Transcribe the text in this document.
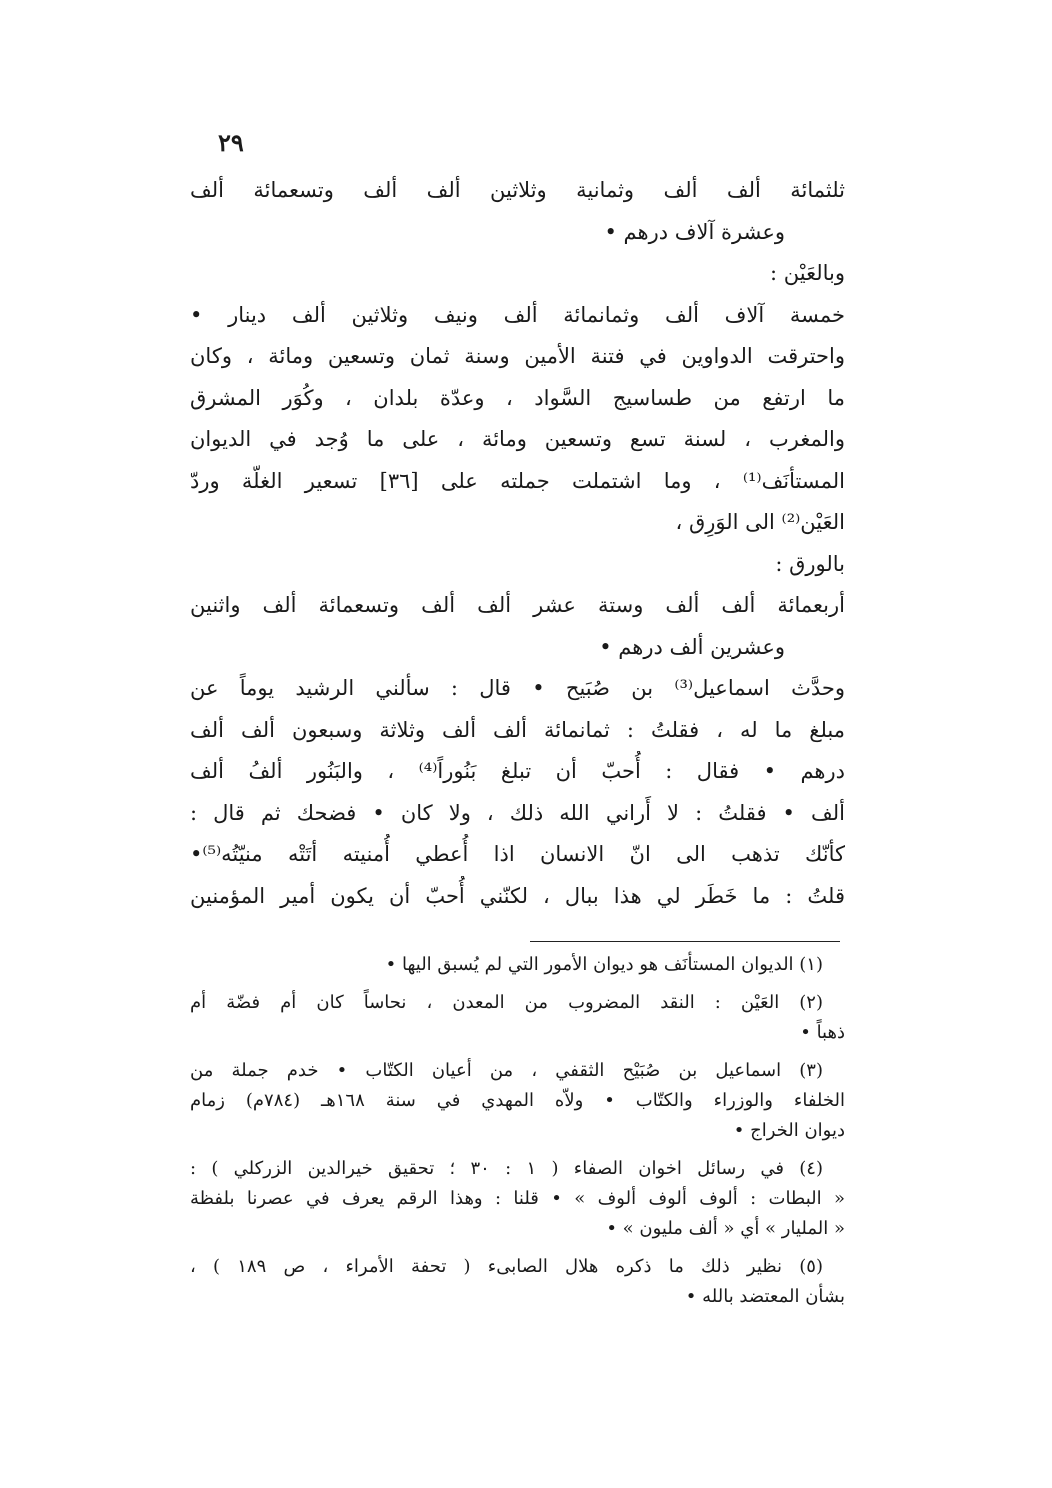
٢٩
ثلثمائة ألف ألف وثمانية وثلاثين ألف ألف وتسعمائة ألف
وعشرة آلاف درهم •
وبالعَيْن :
خمسة آلاف ألف وثمانمائة ألف ونيف وثلاثين ألف دينار •
واحترقت الدواوين في فتنة الأمين وسنة ثمان وتسعين ومائة ، وكان
ما ارتفع من طساسيج السَّواد ، وعدّة بلدان ، وكُوَر المشرق
والمغرب ، لسنة تسع وتسعين ومائة ، على ما وُجد في الديوان
المستأنَف⁽¹⁾ ، وما اشتملت جملته على [٣٦] تسعير الغلّة وردّ
العَيْن⁽²⁾ الى الوَرِق ،
بالورق :
أربعمائة ألف ألف وستة عشر ألف ألف وتسعمائة ألف واثنين
وعشرين ألف درهم •
وحدَّث اسماعيل⁽³⁾ بن صُبَيح • قال : سألني الرشيد يوماً عن
مبلغ ما له ، فقلتُ : ثمانمائة ألف ألف وثلاثة وسبعون ألف ألف
درهم • فقال : أُحبّ أن تبلغ بَنُوراً⁽⁴⁾ ، والبَنُور ألفُ ألف
ألف • فقلتُ : لا أَراني الله ذلك ، ولا كان • فضحك ثم قال :
كأنّك تذهب الى انّ الانسان اذا أُعطي أُمنيته أتَتْه منيّتُه⁽⁵⁾•
قلتُ : ما خَطَر لي هذا ببال ، لكنّني أُحبّ أن يكون أمير المؤمنين
(١) الديوان المستأنَف هو ديوان الأمور التي لم يُسبق اليها •
(٢) العَيْن : النقد المضروب من المعدن ، نحاساً كان أم فضّة أم
ذهباً •
(٣) اسماعيل بن صُبَيْح الثقفي ، من أعيان الكتّاب • خدم جملة من
الخلفاء والوزراء والكتّاب • ولاّه المهدي في سنة ١٦٨هـ (٧٨٤م) زمام
ديوان الخراج •
(٤) في رسائل اخوان الصفاء ( ١ : ٣٠ ؛ تحقيق خيرالدين الزركلي ) :
« البطات : ألوف ألوف ألوف » • قلنا : وهذا الرقم يعرف في عصرنا بلفظة
« المليار » أي « ألف مليون » •
(٥) نظير ذلك ما ذكره هلال الصابىء ( تحفة الأمراء ، ص ١٨٩ ) ،
بشأن المعتضد بالله •
